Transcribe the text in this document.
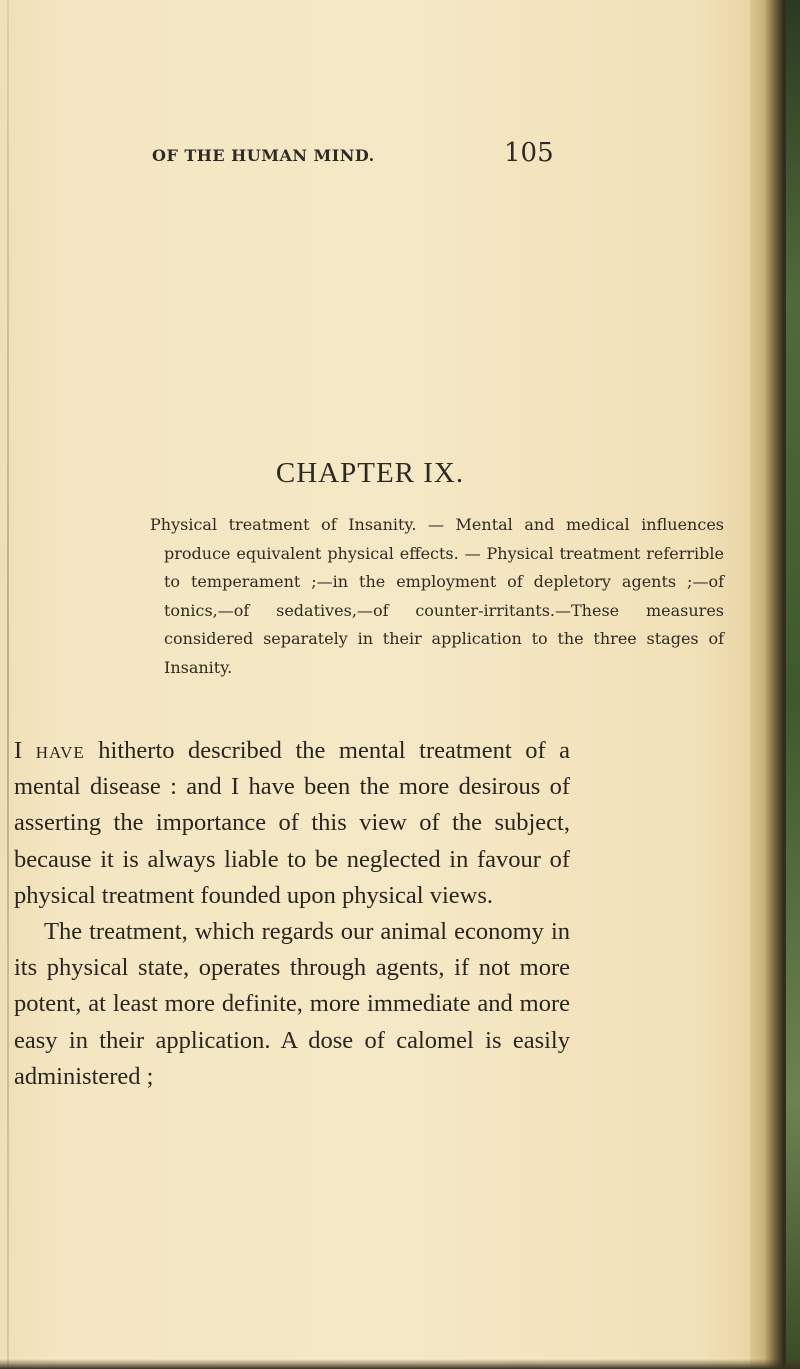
OF THE HUMAN MIND.	105
CHAPTER IX.

Physical treatment of Insanity. — Mental and medical influences produce equivalent physical effects. — Physical treatment referrible to temperament ;—in the employment of depletory agents ;—of tonics,—of sedatives,—of counter-irritants.—These measures considered separately in their application to the three stages of Insanity.

I have hitherto described the mental treatment of a mental disease : and I have been the more desirous of asserting the importance of this view of the subject, because it is always liable to be neglected in favour of physical treatment founded upon physical views.

The treatment, which regards our animal economy in its physical state, operates through agents, if not more potent, at least more definite, more immediate and more easy in their application. A dose of calomel is easily administered ;
